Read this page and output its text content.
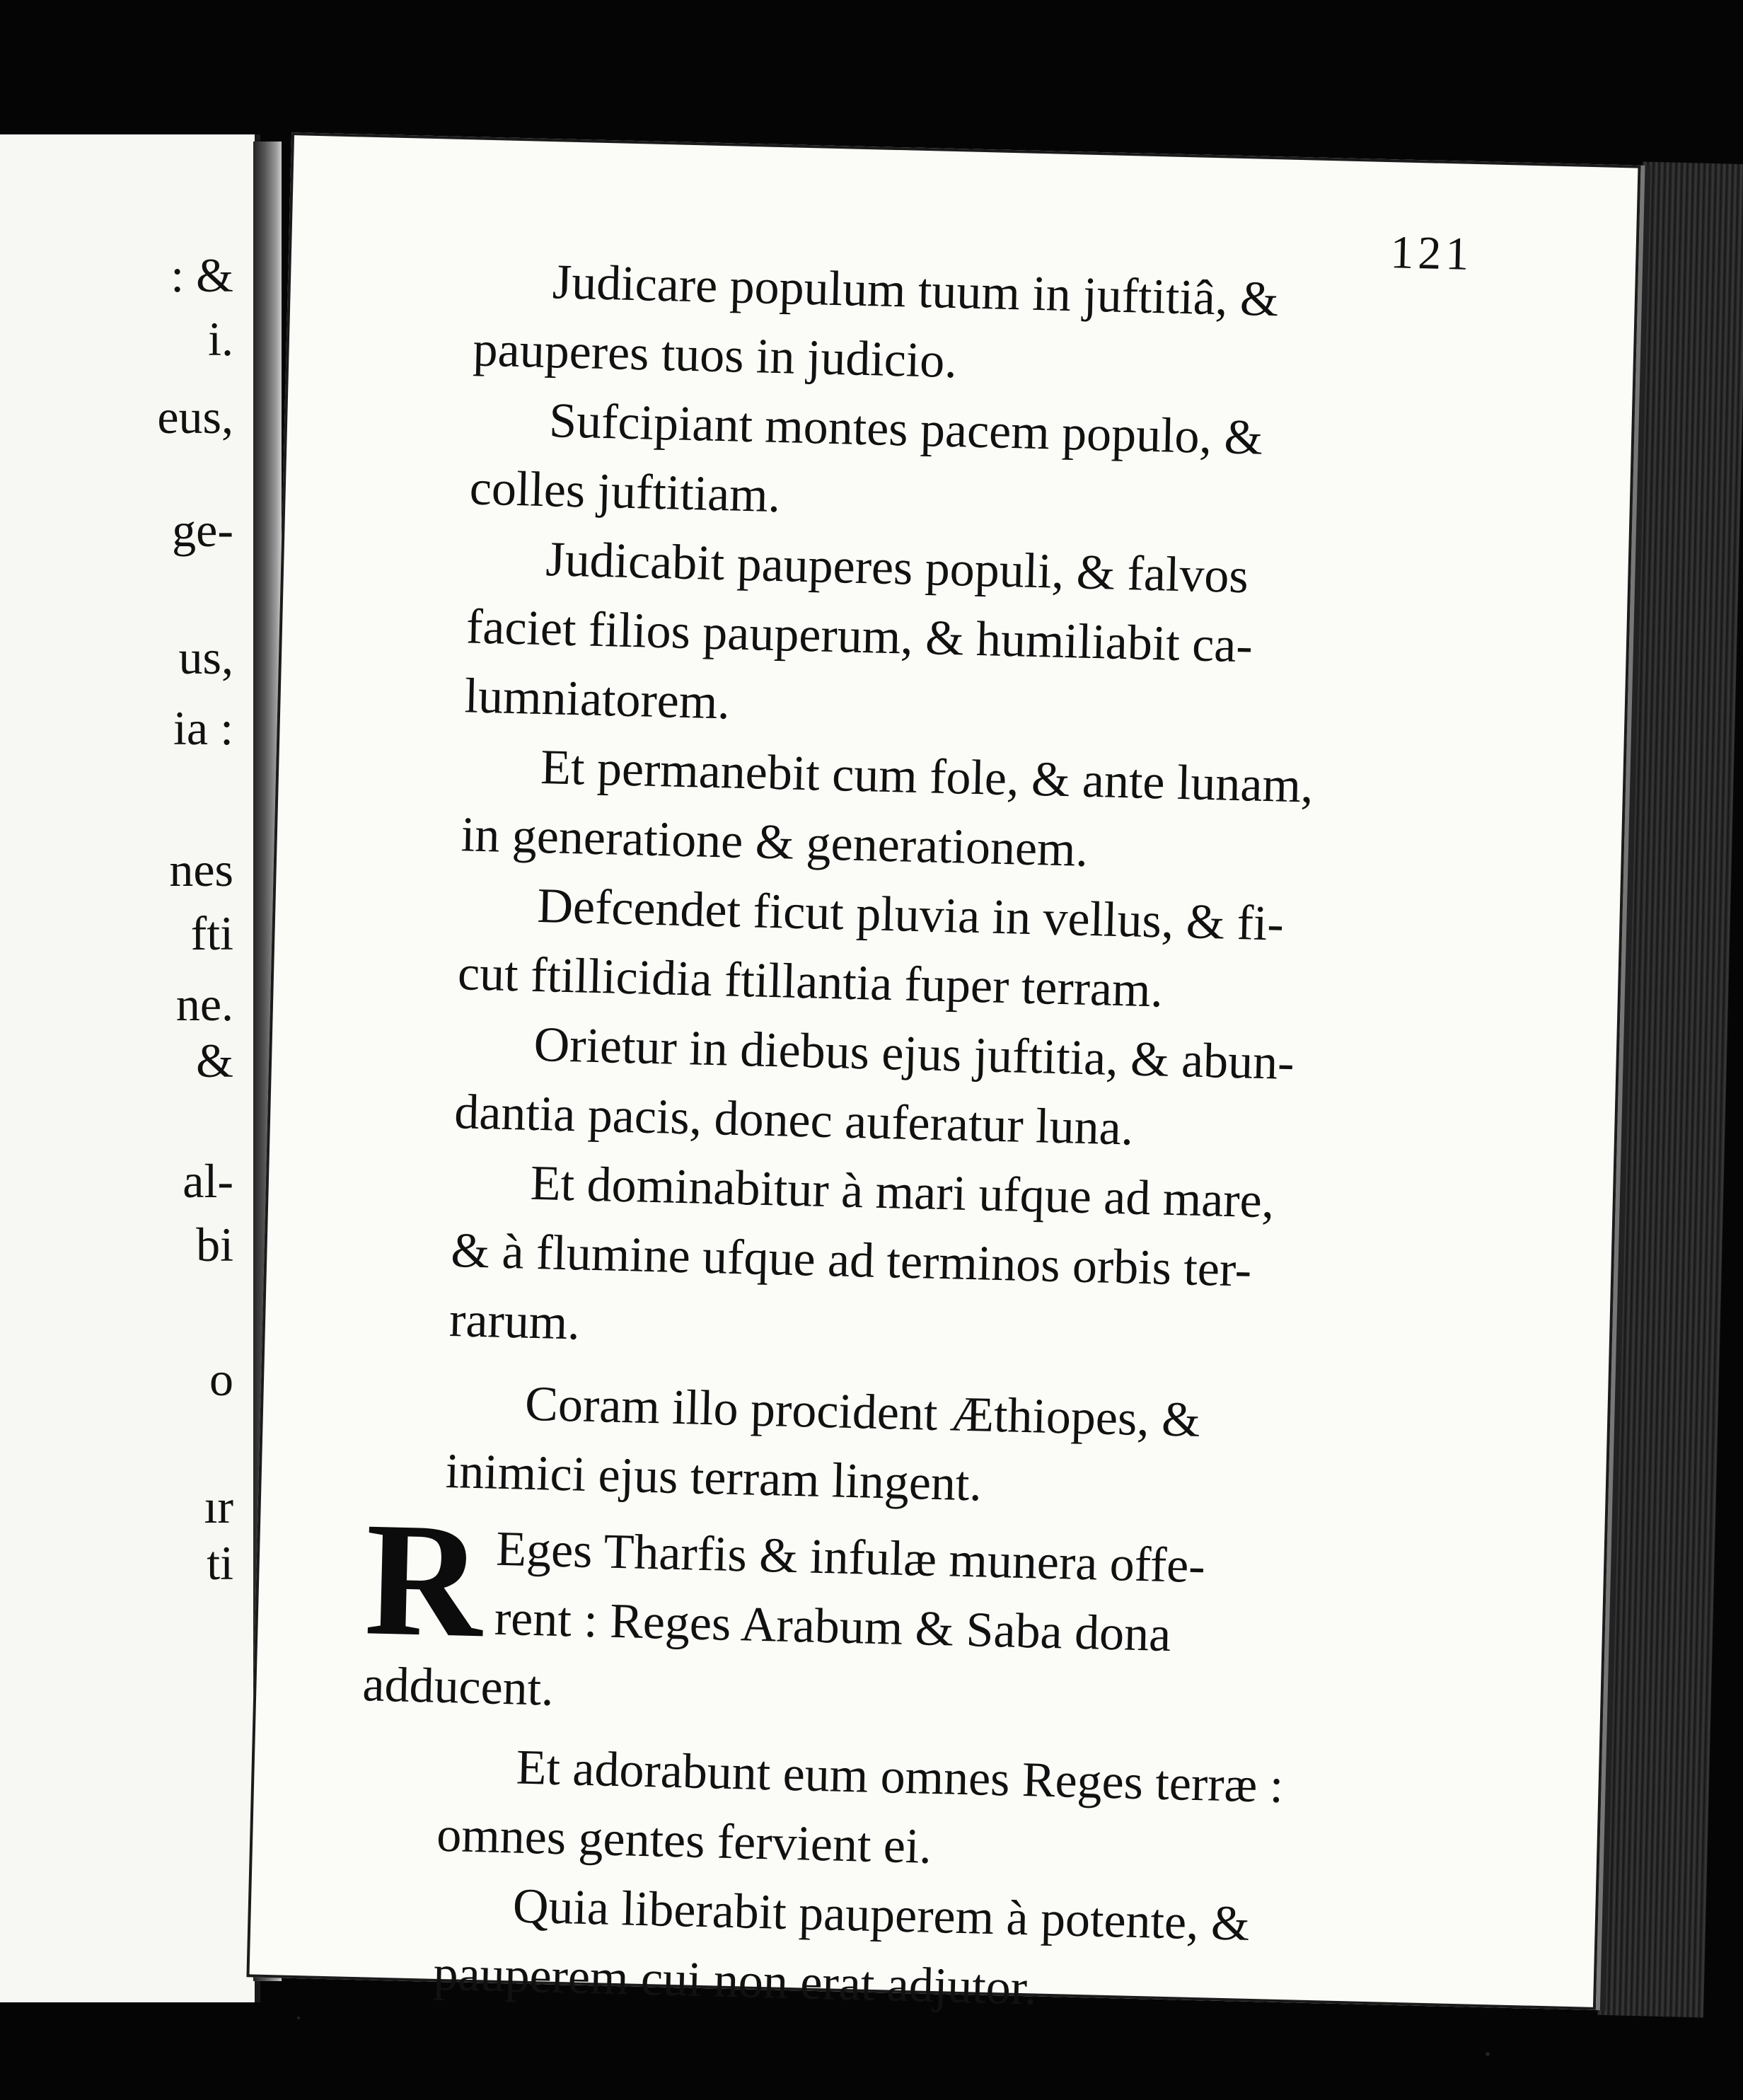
: &
i.
eus,
ge-
us,
ia :
nes
fti
ne.
&
al-
bi
o
ır
ti
121

Judicare populum tuum in juftitiâ, &
pauperes tuos in judicio.

Sufcipiant montes pacem populo, &
colles juftitiam.

Judicabit pauperes populi, & falvos
faciet filios pauperum, & humiliabit ca-
lumniatorem.

Et permanebit cum fole, & ante lunam,
in generatione & generationem.

Defcendet ficut pluvia in vellus, & fi-
cut ftillicidia ftillantia fuper terram.

Orietur in diebus ejus juftitia, & abun-
dantia pacis, donec auferatur luna.

Et dominabitur à mari ufque ad mare,
& à flumine ufque ad terminos orbis ter-
rarum.

Coram illo procident Æthiopes, &
inimici ejus terram lingent.

R Eges Tharfis & infulæ munera offe-
rent : Reges Arabum & Saba dona
adducent.

Et adorabunt eum omnes Reges terræ :
omnes gentes fervient ei.

Quia liberabit pauperem à potente, &
pauperem cui non erat adjutor.
